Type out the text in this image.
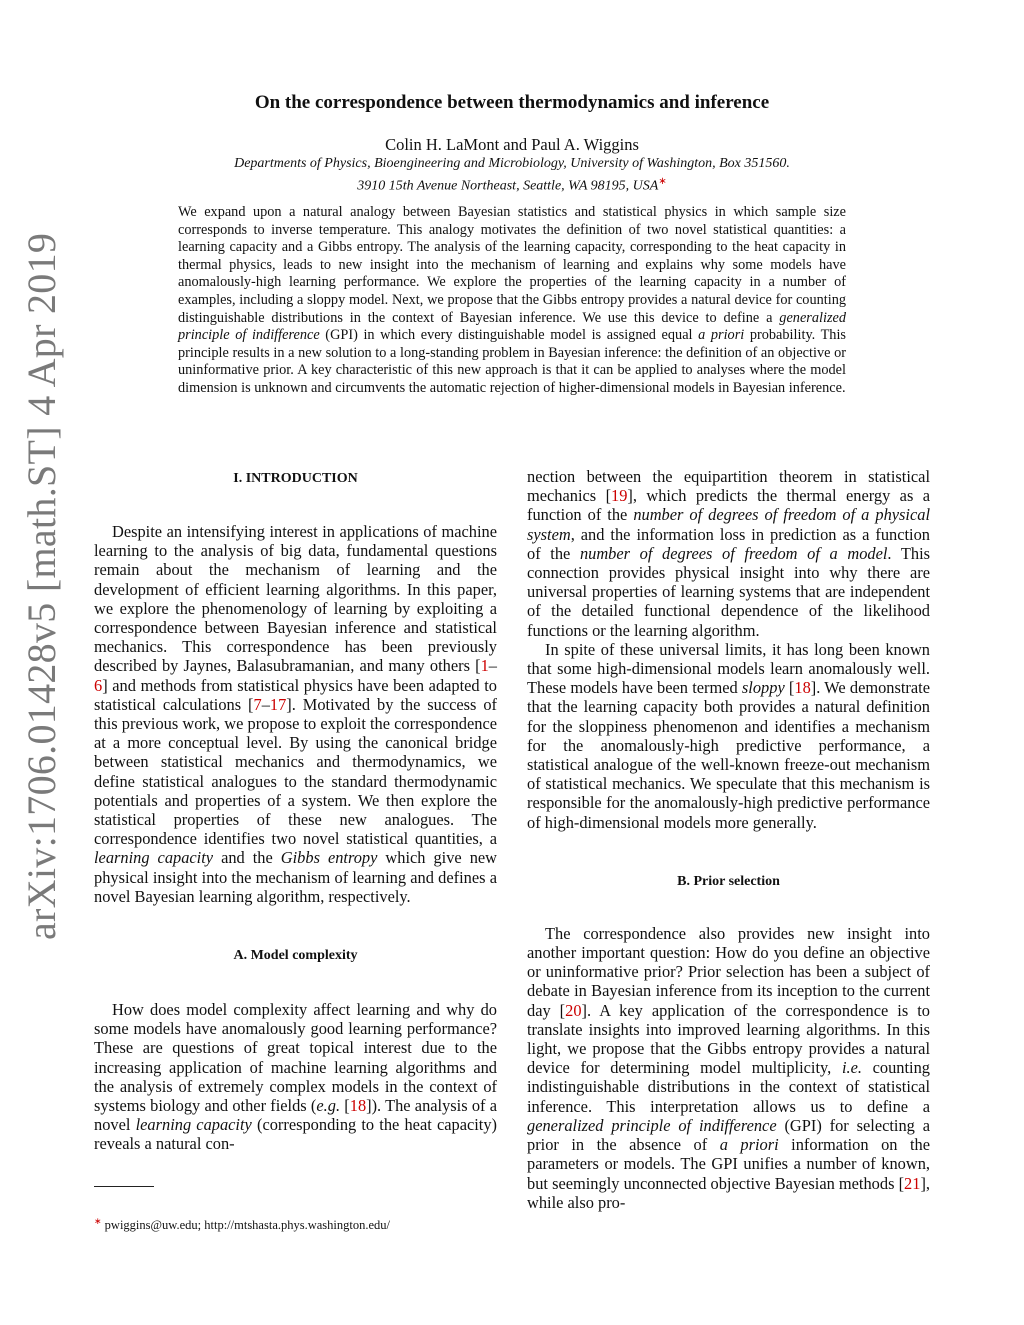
arXiv:1706.01428v5 [math.ST] 4 Apr 2019
On the correspondence between thermodynamics and inference
Colin H. LaMont and Paul A. Wiggins
Departments of Physics, Bioengineering and Microbiology, University of Washington, Box 351560.
3910 15th Avenue Northeast, Seattle, WA 98195, USA∗
We expand upon a natural analogy between Bayesian statistics and statistical physics in which sample size corresponds to inverse temperature. This analogy motivates the definition of two novel statistical quantities: a learning capacity and a Gibbs entropy. The analysis of the learning capacity, corresponding to the heat capacity in thermal physics, leads to new insight into the mechanism of learning and explains why some models have anomalously-high learning performance. We explore the properties of the learning capacity in a number of examples, including a sloppy model. Next, we propose that the Gibbs entropy provides a natural device for counting distinguishable distributions in the context of Bayesian inference. We use this device to define a generalized principle of indifference (GPI) in which every distinguishable model is assigned equal a priori probability. This principle results in a new solution to a long-standing problem in Bayesian inference: the definition of an objective or uninformative prior. A key characteristic of this new approach is that it can be applied to analyses where the model dimension is unknown and circumvents the automatic rejection of higher-dimensional models in Bayesian inference.
I. INTRODUCTION

Despite an intensifying interest in applications of machine learning to the analysis of big data, fundamental questions remain about the mechanism of learning and the development of efficient learning algorithms. In this paper, we explore the phenomenology of learning by exploiting a correspondence between Bayesian inference and statistical mechanics. This correspondence has been previously described by Jaynes, Balasubramanian, and many others [1–6] and methods from statistical physics have been adapted to statistical calculations [7–17]. Motivated by the success of this previous work, we propose to exploit the correspondence at a more conceptual level. By using the canonical bridge between statistical mechanics and thermodynamics, we define statistical analogues to the standard thermodynamic potentials and properties of a system. We then explore the statistical properties of these new analogues. The correspondence identifies two novel statistical quantities, a learning capacity and the Gibbs entropy which give new physical insight into the mechanism of learning and defines a novel Bayesian learning algorithm, respectively.

A. Model complexity

How does model complexity affect learning and why do some models have anomalously good learning performance? These are questions of great topical interest due to the increasing application of machine learning algorithms and the analysis of extremely complex models in the context of systems biology and other fields (e.g. [18]). The analysis of a novel learning capacity (corresponding to the heat capacity) reveals a natural con-

nection between the equipartition theorem in statistical mechanics [19], which predicts the thermal energy as a function of the number of degrees of freedom of a physical system, and the information loss in prediction as a function of the number of degrees of freedom of a model. This connection provides physical insight into why there are universal properties of learning systems that are independent of the detailed functional dependence of the likelihood functions or the learning algorithm.

In spite of these universal limits, it has long been known that some high-dimensional models learn anomalously well. These models have been termed sloppy [18]. We demonstrate that the learning capacity both provides a natural definition for the sloppiness phenomenon and identifies a mechanism for the anomalously-high predictive performance, a statistical analogue of the well-known freeze-out mechanism of statistical mechanics. We speculate that this mechanism is responsible for the anomalously-high predictive performance of high-dimensional models more generally.

B. Prior selection

The correspondence also provides new insight into another important question: How do you define an objective or uninformative prior? Prior selection has been a subject of debate in Bayesian inference from its inception to the current day [20]. A key application of the correspondence is to translate insights into improved learning algorithms. In this light, we propose that the Gibbs entropy provides a natural device for determining model multiplicity, i.e. counting indistinguishable distributions in the context of statistical inference. This interpretation allows us to define a generalized principle of indifference (GPI) for selecting a prior in the absence of a priori information on the parameters or models. The GPI unifies a number of known, but seemingly unconnected objective Bayesian methods [21], while also pro-

∗ pwiggins@uw.edu; http://mtshasta.phys.washington.edu/
